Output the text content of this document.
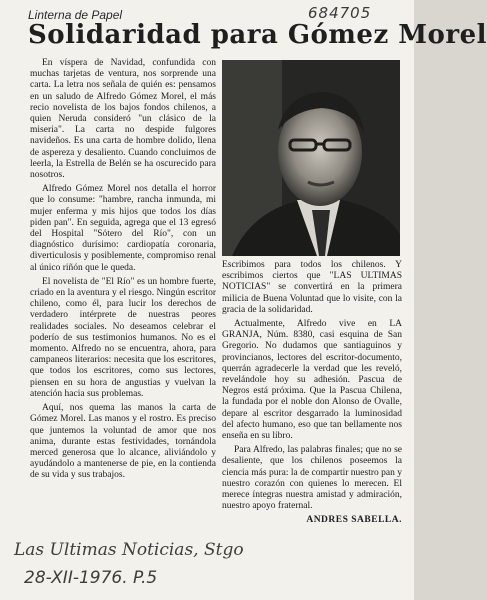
684705
Linterna de Papel
Solidaridad para Gómez Morel

En víspera de Navidad, confundida con muchas tarjetas de ventura, nos sorprende una carta. La letra nos señala de quién es: pensamos en un saludo de Alfredo Gómez Morel, el más recio novelista de los bajos fondos chilenos, a quien Neruda consideró "un clásico de la miseria". La carta no despide fulgores navideños. Es una carta de hombre dolido, llena de aspereza y desaliento. Cuando concluimos de leerla, la Estrella de Belén se ha oscurecido para nosotros.

Alfredo Gómez Morel nos detalla el horror que lo consume: "hambre, rancha inmunda, mi mujer enferma y mis hijos que todos los días piden pan". En seguida, agrega que el 13 egresó del Hospital "Sótero del Río", con un diagnóstico durísimo: cardiopatía coronaria, diverticulosis y posiblemente, compromiso renal al único riñón que le queda.

El novelista de "El Río" es un hombre fuerte, criado en la aventura y el riesgo. Ningún escritor chileno, como él, para lucir los derechos de verdadero intérprete de nuestras peores realidades sociales. No deseamos celebrar el poderío de sus testimonios humanos. No es el momento. Alfredo no se encuentra, ahora, para campaneos literarios: necesita que los escritores, que todos los escritores, como sus lectores, piensen en su hora de angustias y vuelvan la atención hacia sus problemas.

Aquí, nos quema las manos la carta de Gómez Morel. Las manos y el rostro. Es preciso que juntemos la voluntad de amor que nos anima, durante estas festividades, tornándola merced generosa que lo alcance, aliviándolo y ayudándolo a mantenerse de pie, en la contienda de su vida y sus trabajos.

Escribimos para todos los chilenos. Y escribimos ciertos que "LAS ULTIMAS NOTICIAS" se convertirá en la primera milicia de Buena Voluntad que lo visite, con la gracia de la solidaridad.

Actualmente, Alfredo vive en LA GRANJA, Núm. 8380, casi esquina de San Gregorio. No dudamos que santiaguinos y provincianos, lectores del escritor-documento, querrán agradecerle la verdad que les reveló, revelándole hoy su adhesión. Pascua de Negros está próxima. Que la Pascua Chilena, la fundada por el noble don Alonso de Ovalle, depare al escritor desgarrado la luminosidad del afecto humano, eso que tan bellamente nos enseña en su libro.

Para Alfredo, las palabras finales; que no se desaliente, que los chilenos poseemos la ciencia más pura: la de compartir nuestro pan y nuestro corazón con quienes lo merecen. El merece íntegras nuestra amistad y admiración, nuestro apoyo fraternal.

ANDRES SABELLA.
Las Ultimas Noticias, Stgo
28-XII-1976. P.5
